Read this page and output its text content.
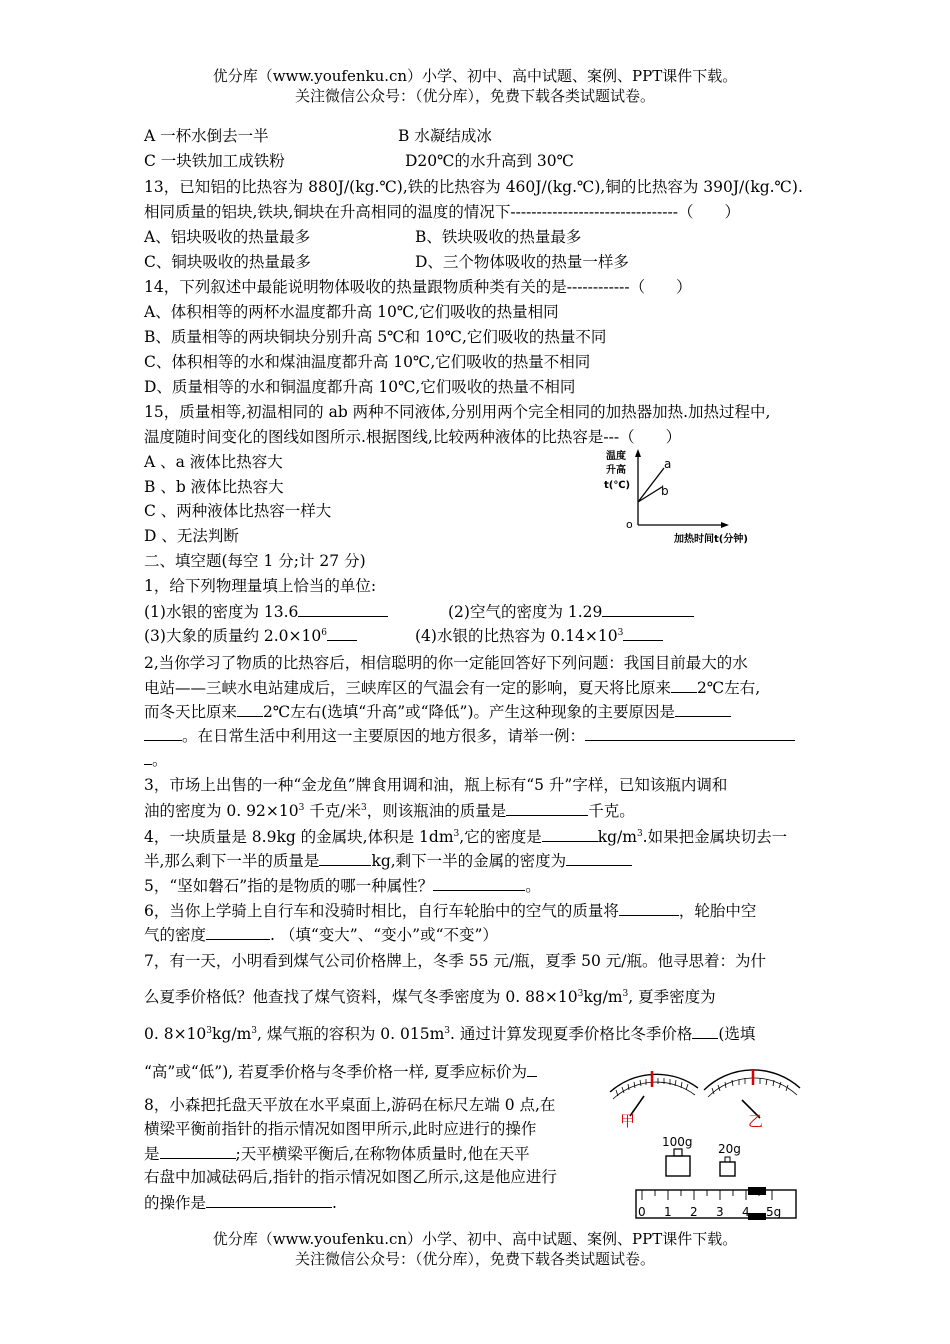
优分库（www.youfenku.cn）小学、初中、高中试题、案例、PPT课件下载。
关注微信公众号：（优分库），免费下载各类试题试卷。
A 一杯水倒去一半	B 水凝结成冰
C 一块铁加工成铁粉	D20℃的水升高到 30℃
13，已知铝的比热容为 880J/(kg.℃),铁的比热容为 460J/(kg.℃),铜的比热容为 390J/(kg.℃).
相同质量的铝块,铁块,铜块在升高相同的温度的情况下--------------------------------（　　）
A、铝块吸收的热量最多	B、铁块吸收的热量最多
C、铜块吸收的热量最多	D、三个物体吸收的热量一样多
14，下列叙述中最能说明物体吸收的热量跟物质种类有关的是------------（　　）
A、体积相等的两杯水温度都升高 10℃,它们吸收的热量相同
B、质量相等的两块铜块分别升高 5℃和 10℃,它们吸收的热量不同
C、体积相等的水和煤油温度都升高 10℃,它们吸收的热量不相同
D、质量相等的水和铜温度都升高 10℃,它们吸收的热量不相同
15，质量相等,初温相同的 ab 两种不同液体,分别用两个完全相同的加热器加热.加热过程中,
温度随时间变化的图线如图所示.根据图线,比较两种液体的比热容是---（　　）
A 、a 液体比热容大
B 、b 液体比热容大
C 、两种液体比热容一样大
D 、无法判断
温度
升高
t(℃)
o
a
b
加热时间t(分钟)
二、填空题(每空 1 分;计 27 分)
1，给下列物理量填上恰当的单位:
(1)水银的密度为 13.6	(2)空气的密度为 1.29
(3)大象的质量约 $2.0\times 10^6$	(4)水银的比热容为 $0.14\times 10^3$
2,当你学习了物质的比热容后，相信聪明的你一定能回答好下列问题：我国目前最大的水
电站——三峡水电站建成后，三峡库区的气温会有一定的影响，夏天将比原来 2℃左右,
而冬天比原来 2℃左右(选填“升高”或“降低”)。产生这种现象的主要原因是
。在日常生活中利用这一主要原因的地方很多，请举一例：
。
3，市场上出售的一种“金龙鱼”牌食用调和油，瓶上标有“5 升”字样，已知该瓶内调和
油的密度为 0. $92\times 10^3$ 千克/米$^3$，则该瓶油的质量是	千克。
4，一块质量是 8.9kg 的金属块,体积是 $1dm^3$,它的密度是	$kg/m^3$.如果把金属块切去一
半,那么剩下一半的质量是	kg,剩下一半的金属的密度为
5，“坚如磐石”指的是物质的哪一种属性？	。
6，当你上学骑上自行车和没骑时相比，自行车轮胎中的空气的质量将	，轮胎中空
气的密度	. （填“变大”、“变小”或“不变”）
7，有一天，小明看到煤气公司价格牌上，冬季 55 元/瓶，夏季 50 元/瓶。他寻思着：为什
么夏季价格低？他查找了煤气资料，煤气冬季密度为 0. $88\times 10^3kg/m^3$, 夏季密度为
0. $8\times 10^3kg/m^3$, 煤气瓶的容积为 0. $015m^3$. 通过计算发现夏季价格比冬季价格 (选填
“高”或“低”), 若夏季价格与冬季价格一样, 夏季应标价为
8，小森把托盘天平放在水平桌面上,游码在标尺左端 0 点,在
横梁平衡前指针的指示情况如图甲所示,此时应进行的操作
是	;天平横梁平衡后,在称物体质量时,他在天平
右盘中加减砝码后,指针的指示情况如图乙所示,这是他应进行
的操作是	.
甲	乙
100g 20g
0 1 2 3 4 5g
优分库（www.youfenku.cn）小学、初中、高中试题、案例、PPT课件下载。
关注微信公众号：（优分库），免费下载各类试题试卷。
